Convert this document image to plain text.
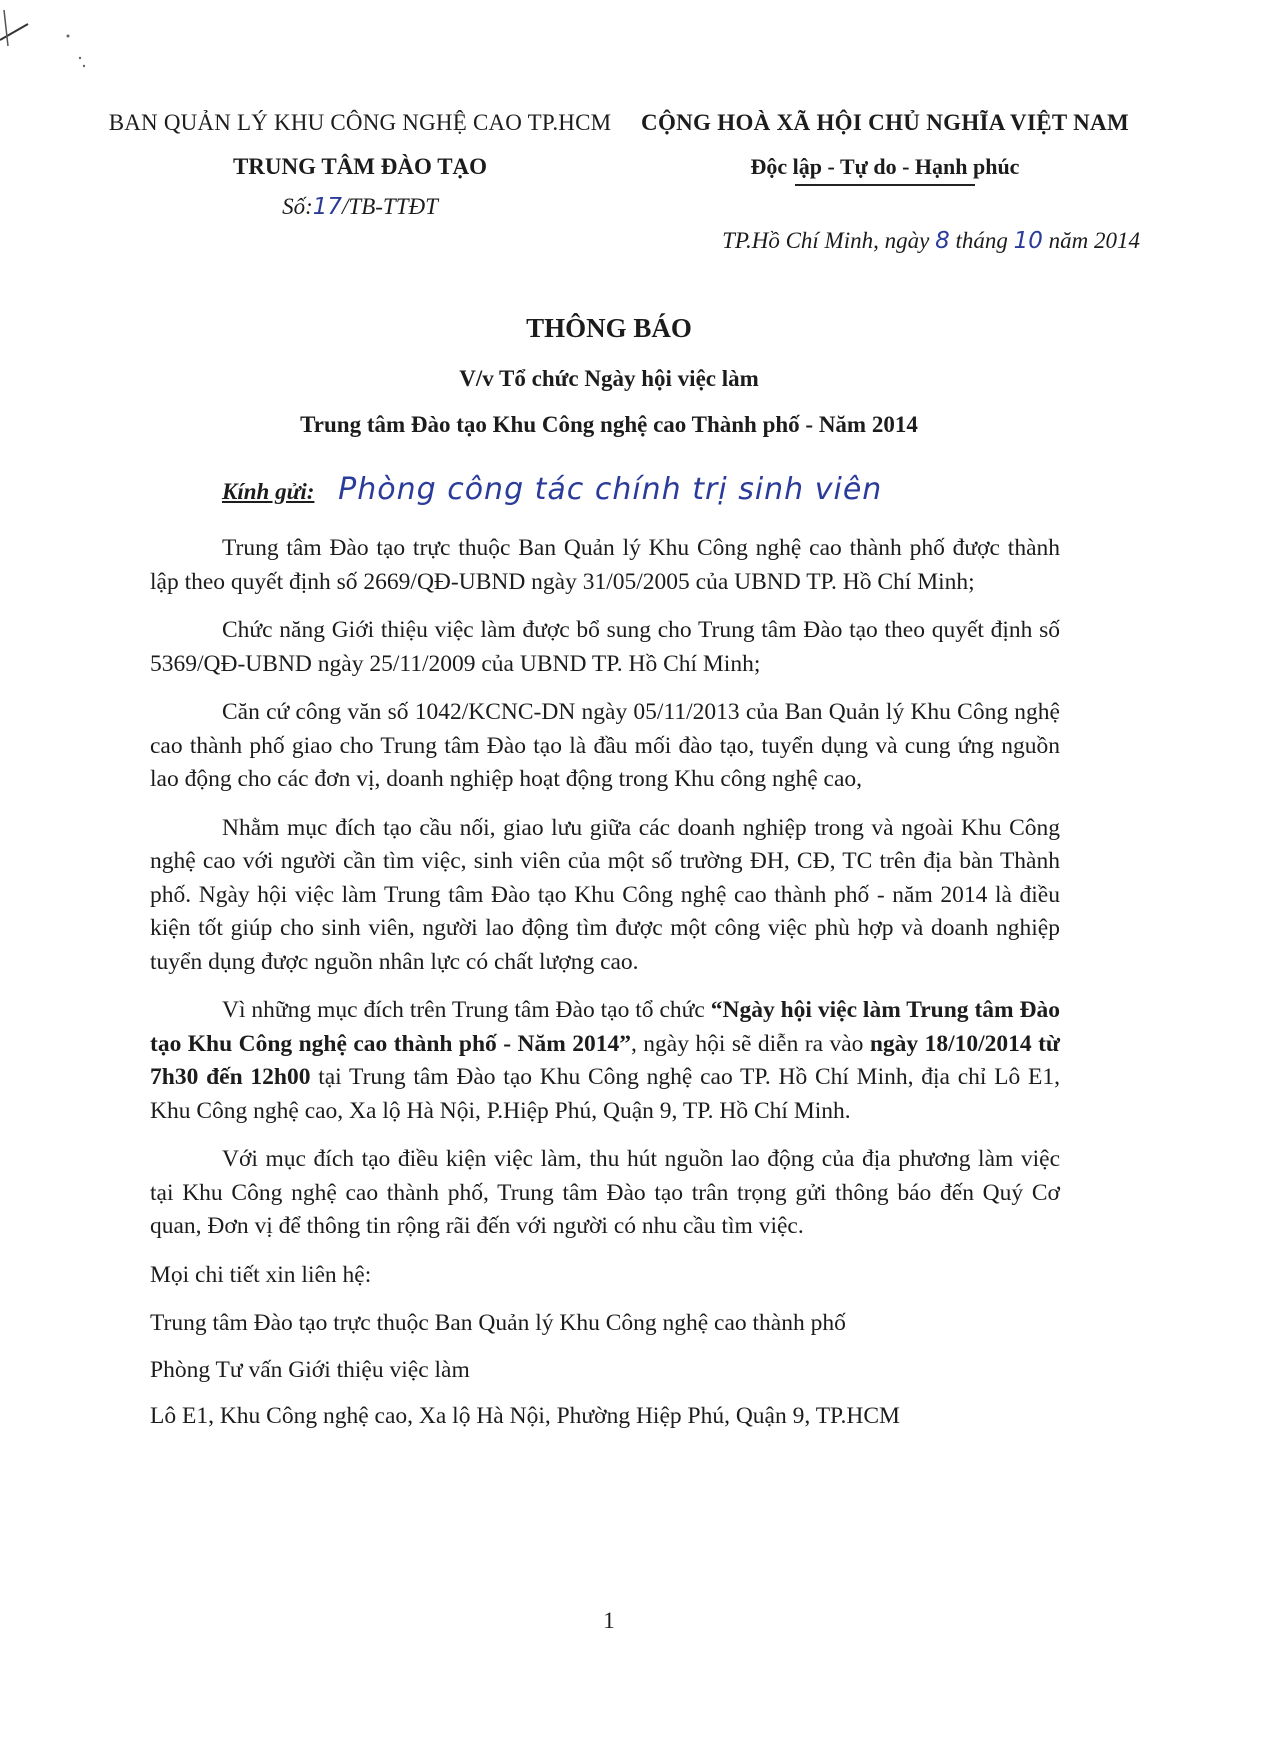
BAN QUẢN LÝ KHU CÔNG NGHỆ CAO TP.HCM
TRUNG TÂM ĐÀO TẠO
Số:17/TB-TTĐT
CỘNG HOÀ XÃ HỘI CHỦ NGHĨA VIỆT NAM
Độc lập - Tự do - Hạnh phúc
TP.Hồ Chí Minh, ngày 8 tháng 10 năm 2014
THÔNG BÁO
V/v Tổ chức Ngày hội việc làm
Trung tâm Đào tạo Khu Công nghệ cao Thành phố - Năm 2014
Kính gửi: Phòng công tác chính trị sinh viên

Trung tâm Đào tạo trực thuộc Ban Quản lý Khu Công nghệ cao thành phố được thành lập theo quyết định số 2669/QĐ-UBND ngày 31/05/2005 của UBND TP. Hồ Chí Minh;

Chức năng Giới thiệu việc làm được bổ sung cho Trung tâm Đào tạo theo quyết định số 5369/QĐ-UBND ngày 25/11/2009 của UBND TP. Hồ Chí Minh;

Căn cứ công văn số 1042/KCNC-DN ngày 05/11/2013 của Ban Quản lý Khu Công nghệ cao thành phố giao cho Trung tâm Đào tạo là đầu mối đào tạo, tuyển dụng và cung ứng nguồn lao động cho các đơn vị, doanh nghiệp hoạt động trong Khu công nghệ cao,

Nhằm mục đích tạo cầu nối, giao lưu giữa các doanh nghiệp trong và ngoài Khu Công nghệ cao với người cần tìm việc, sinh viên của một số trường ĐH, CĐ, TC trên địa bàn Thành phố. Ngày hội việc làm Trung tâm Đào tạo Khu Công nghệ cao thành phố - năm 2014 là điều kiện tốt giúp cho sinh viên, người lao động tìm được một công việc phù hợp và doanh nghiệp tuyển dụng được nguồn nhân lực có chất lượng cao.

Vì những mục đích trên Trung tâm Đào tạo tổ chức “Ngày hội việc làm Trung tâm Đào tạo Khu Công nghệ cao thành phố - Năm 2014”, ngày hội sẽ diễn ra vào ngày 18/10/2014 từ 7h30 đến 12h00 tại Trung tâm Đào tạo Khu Công nghệ cao TP. Hồ Chí Minh, địa chỉ Lô E1, Khu Công nghệ cao, Xa lộ Hà Nội, P.Hiệp Phú, Quận 9, TP. Hồ Chí Minh.

Với mục đích tạo điều kiện việc làm, thu hút nguồn lao động của địa phương làm việc tại Khu Công nghệ cao thành phố, Trung tâm Đào tạo trân trọng gửi thông báo đến Quý Cơ quan, Đơn vị để thông tin rộng rãi đến với người có nhu cầu tìm việc.

Mọi chi tiết xin liên hệ:

Trung tâm Đào tạo trực thuộc Ban Quản lý Khu Công nghệ cao thành phố

Phòng Tư vấn Giới thiệu việc làm

Lô E1, Khu Công nghệ cao, Xa lộ Hà Nội, Phường Hiệp Phú, Quận 9, TP.HCM

1
